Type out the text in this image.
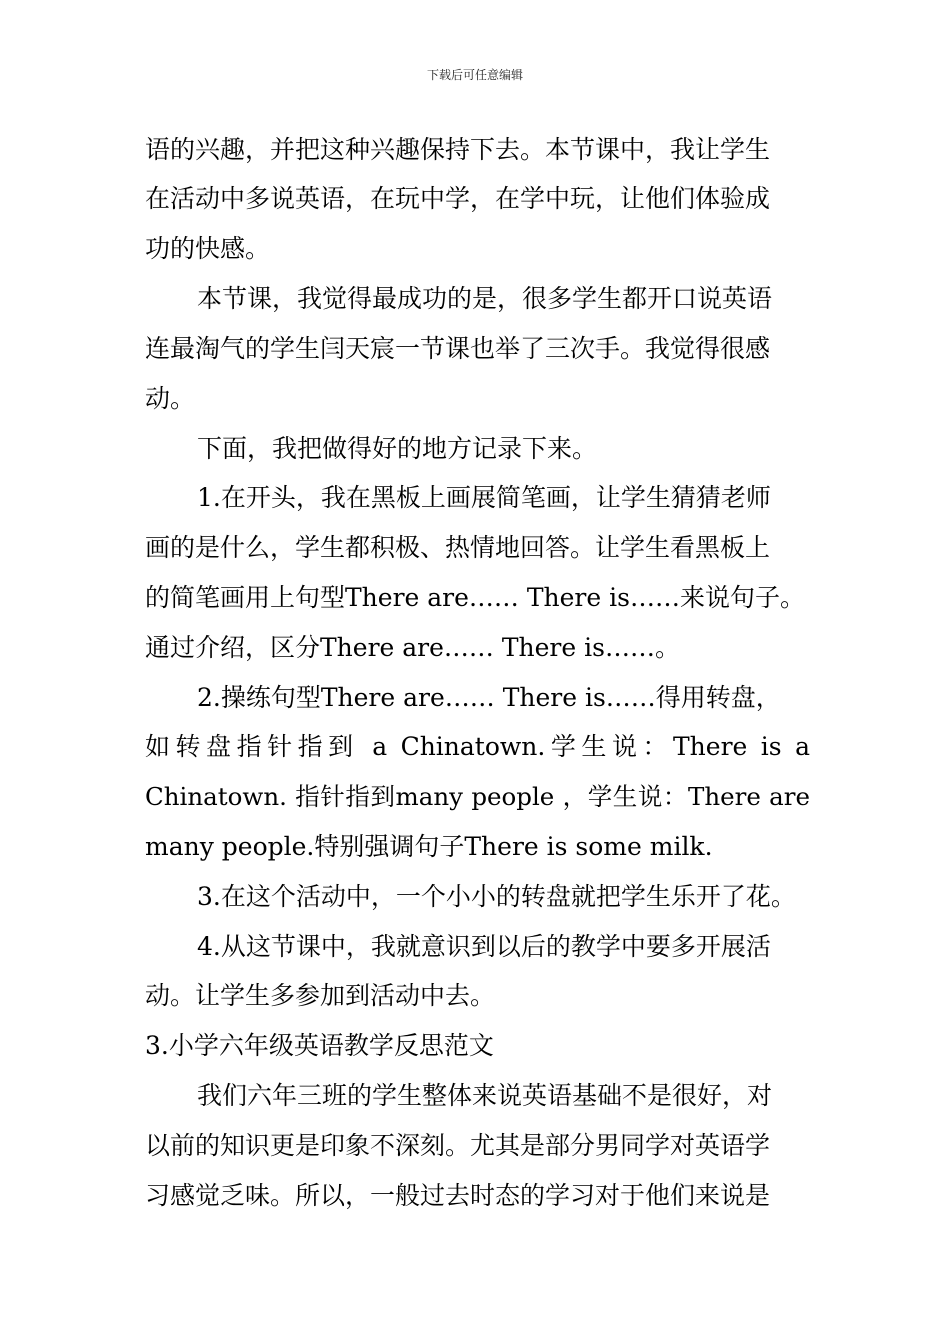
下载后可任意编辑
语的兴趣，并把这种兴趣保持下去。本节课中，我让学生
在活动中多说英语，在玩中学，在学中玩，让他们体验成
功的快感。
本节课，我觉得最成功的是，很多学生都开口说英语
连最淘气的学生闫天宸一节课也举了三次手。我觉得很感
动。
下面，我把做得好的地方记录下来。
1.在开头，我在黑板上画展简笔画，让学生猜猜老师
画的是什么，学生都积极、热情地回答。让学生看黑板上
的简笔画用上句型There are…… There is……来说句子。
通过介绍，区分There are…… There is……。
2.操练句型There are…… There is……得用转盘，
如转盘指针指到 a Chinatown.学生说：There is a
Chinatown. 指针指到many people ，学生说：There are
many people.特别强调句子There is some milk.
3.在这个活动中，一个小小的转盘就把学生乐开了花。
4.从这节课中，我就意识到以后的教学中要多开展活
动。让学生多参加到活动中去。
3.小学六年级英语教学反思范文
我们六年三班的学生整体来说英语基础不是很好，对
以前的知识更是印象不深刻。尤其是部分男同学对英语学
习感觉乏味。所以，一般过去时态的学习对于他们来说是
